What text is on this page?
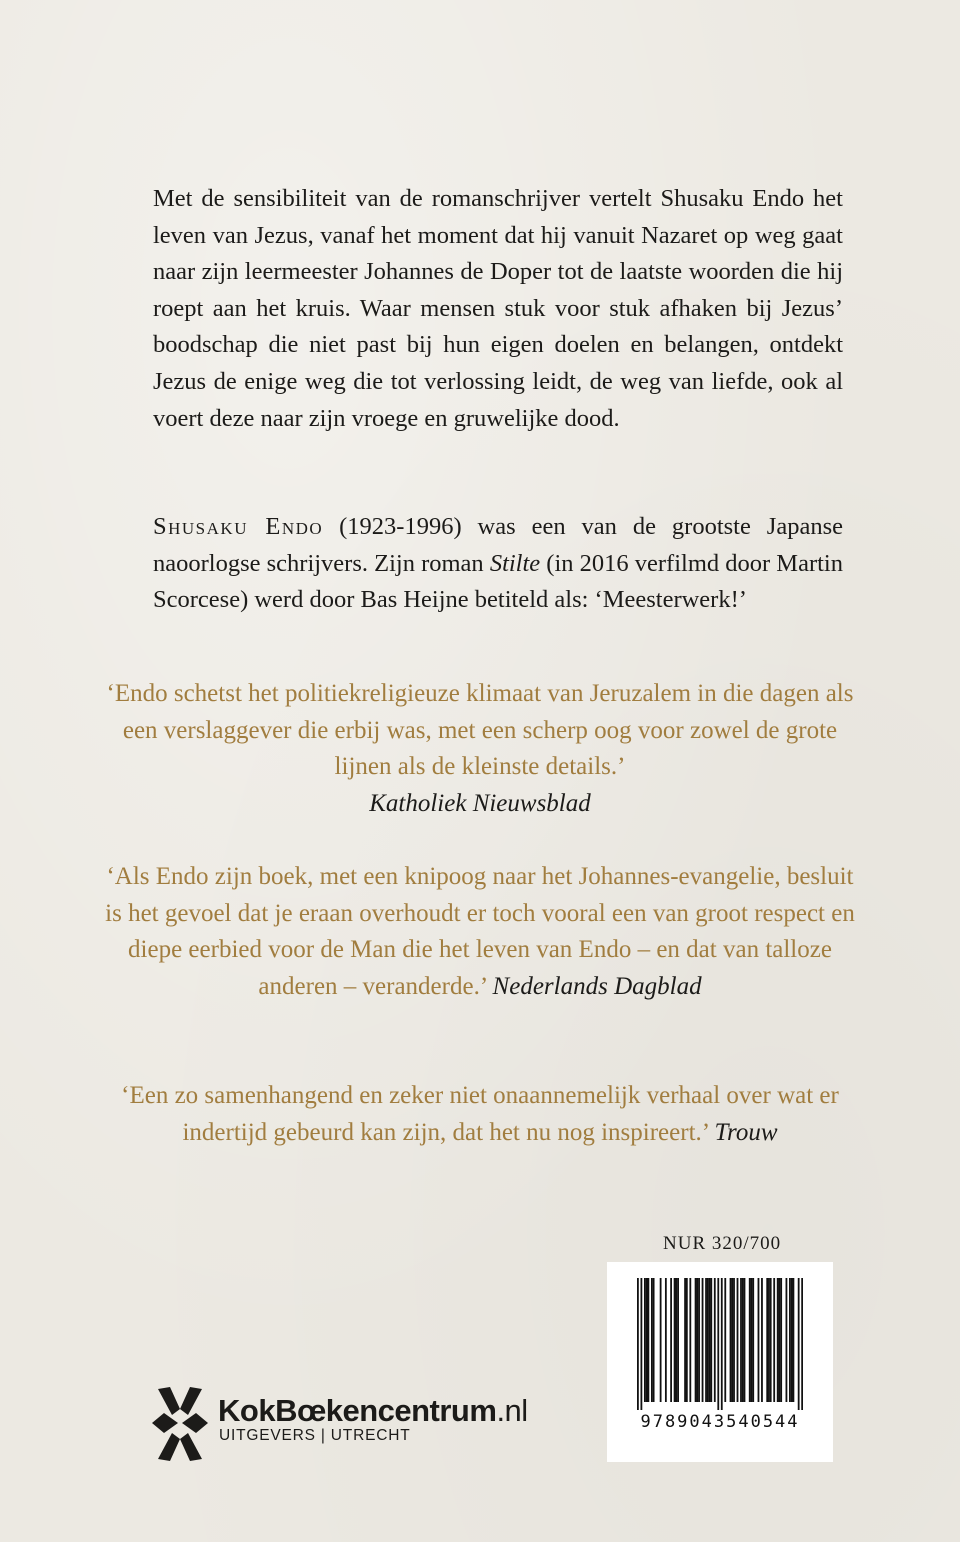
Met de sensibiliteit van de romanschrijver vertelt Shusaku Endo het leven van Jezus, vanaf het moment dat hij vanuit Nazaret op weg gaat naar zijn leermeester Johannes de Doper tot de laatste woorden die hij roept aan het kruis. Waar mensen stuk voor stuk afhaken bij Jezus’ boodschap die niet past bij hun eigen doelen en belangen, ontdekt Jezus de enige weg die tot verlossing leidt, de weg van liefde, ook al voert deze naar zijn vroege en gruwelijke dood.

Shusaku Endo (1923-1996) was een van de grootste Japanse naoorlogse schrijvers. Zijn roman Stilte (in 2016 verfilmd door Martin Scorcese) werd door Bas Heijne betiteld als: ‘Meesterwerk!’

‘Endo schetst het politiekreligieuze klimaat van Jeruzalem in die dagen als een verslaggever die erbij was, met een scherp oog voor zowel de grote lijnen als de kleinste details.’
Katholiek Nieuwsblad

‘Als Endo zijn boek, met een knipoog naar het Johannes-evangelie, besluit is het gevoel dat je eraan overhoudt er toch vooral een van groot respect en diepe eerbied voor de Man die het leven van Endo – en dat van talloze anderen – veranderde.’ Nederlands Dagblad

‘Een zo samenhangend en zeker niet onaannemelijk verhaal over wat er indertijd gebeurd kan zijn, dat het nu nog inspireert.’ Trouw

NUR 320/700
9789043540544
KokBœkencentrum.nl
UITGEVERS | UTRECHT
